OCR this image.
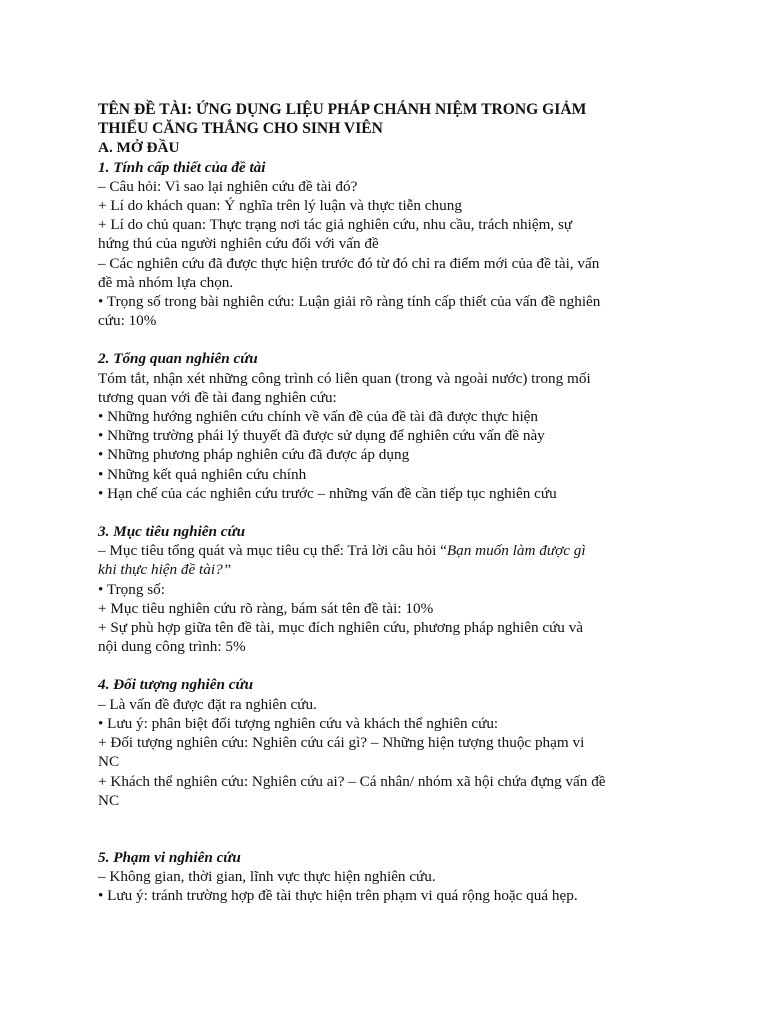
TÊN ĐỀ TÀI: ỨNG DỤNG LIỆU PHÁP CHÁNH NIỆM TRONG GIẢM
THIỂU CĂNG THẲNG CHO SINH VIÊN
A. MỞ ĐẦU
1. Tính cấp thiết của đề tài
– Câu hỏi: Vì sao lại nghiên cứu đề tài đó?
+ Lí do khách quan: Ý nghĩa trên lý luận và thực tiễn chung
+ Lí do chủ quan: Thực trạng nơi tác giả nghiên cứu, nhu cầu, trách nhiệm, sự
hứng thú của người nghiên cứu đối với vấn đề
– Các nghiên cứu đã được thực hiện trước đó từ đó chỉ ra điểm mới của đề tài, vấn
đề mà nhóm lựa chọn.
• Trọng số trong bài nghiên cứu: Luận giải rõ ràng tính cấp thiết của vấn đề nghiên
cứu: 10%
2. Tổng quan nghiên cứu
Tóm tắt, nhận xét những công trình có liên quan (trong và ngoài nước) trong mối
tương quan với đề tài đang nghiên cứu:
• Những hướng nghiên cứu chính về vấn đề của đề tài đã được thực hiện
• Những trường phái lý thuyết đã được sử dụng để nghiên cứu vấn đề này
• Những phương pháp nghiên cứu đã được áp dụng
• Những kết quả nghiên cứu chính
• Hạn chế của các nghiên cứu trước – những vấn đề cần tiếp tục nghiên cứu
3. Mục tiêu nghiên cứu
– Mục tiêu tổng quát và mục tiêu cụ thể: Trả lời câu hỏi “Bạn muốn làm được gì
khi thực hiện đề tài?”
• Trọng số:
+ Mục tiêu nghiên cứu rõ ràng, bám sát tên đề tài: 10%
+ Sự phù hợp giữa tên đề tài, mục đích nghiên cứu, phương pháp nghiên cứu và
nội dung công trình: 5%
4. Đối tượng nghiên cứu
– Là vấn đề được đặt ra nghiên cứu.
• Lưu ý: phân biệt đối tượng nghiên cứu và khách thể nghiên cứu:
+ Đối tượng nghiên cứu: Nghiên cứu cái gì? – Những hiện tượng thuộc phạm vi
NC
+ Khách thể nghiên cứu: Nghiên cứu ai? – Cá nhân/ nhóm xã hội chứa đựng vấn đề
NC
5. Phạm vi nghiên cứu
– Không gian, thời gian, lĩnh vực thực hiện nghiên cứu.
• Lưu ý: tránh trường hợp đề tài thực hiện trên phạm vi quá rộng hoặc quá hẹp.
